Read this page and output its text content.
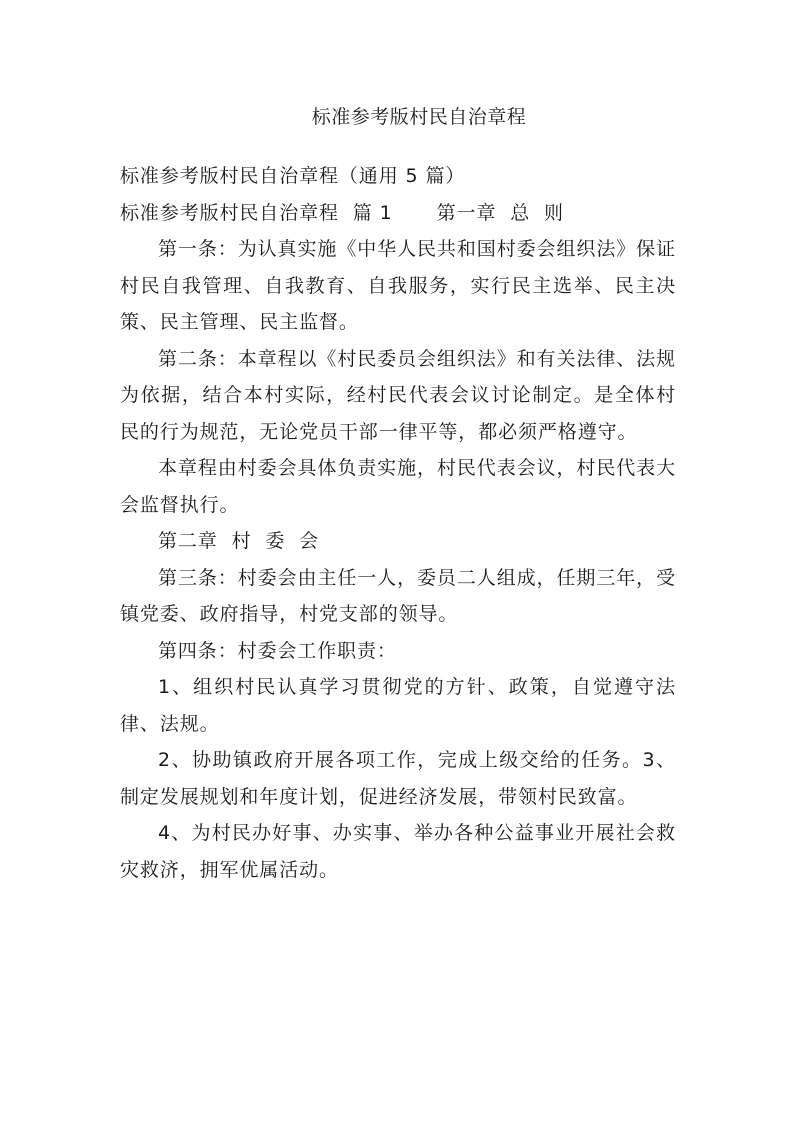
标准参考版村民自治章程

标准参考版村民自治章程（通用 5 篇）

标准参考版村民自治章程  篇 1 第一章  总  则

第一条：为认真实施《中华人民共和国村委会组织法》保证村民自我管理、自我教育、自我服务，实行民主选举、民主决策、民主管理、民主监督。

第二条：本章程以《村民委员会组织法》和有关法律、法规为依据，结合本村实际，经村民代表会议讨论制定。是全体村民的行为规范，无论党员干部一律平等，都必须严格遵守。

本章程由村委会具体负责实施，村民代表会议，村民代表大会监督执行。

第二章  村  委  会

第三条：村委会由主任一人，委员二人组成，任期三年，受镇党委、政府指导，村党支部的领导。

第四条：村委会工作职责：

1、组织村民认真学习贯彻党的方针、政策，自觉遵守法律、法规。

2、协助镇政府开展各项工作，完成上级交给的任务。3、制定发展规划和年度计划，促进经济发展，带领村民致富。

4、为村民办好事、办实事、举办各种公益事业开展社会救灾救济，拥军优属活动。
